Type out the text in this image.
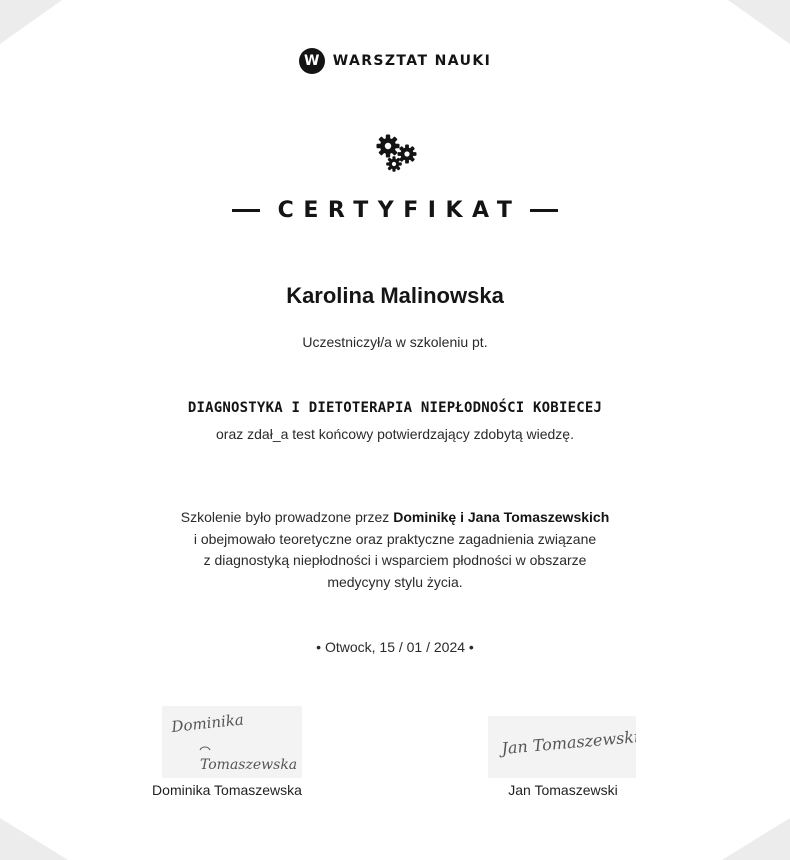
W WARSZTAT NAUKI
CERTYFIKAT
Karolina Malinowska
Uczestniczył/a w szkoleniu pt.
DIAGNOSTYKA I DIETOTERAPIA NIEPŁODNOŚCI KOBIECEJ
oraz zdał_a test końcowy potwierdzający zdobytą wiedzę.
Szkolenie było prowadzone przez Dominikę i Jana Tomaszewskich
i obejmowało teoretyczne oraz praktyczne zagadnienia związane
z diagnostyką niepłodności i wsparciem płodności w obszarze
medycyny stylu życia.
• Otwock, 15 / 01 / 2024 •
Dominika
Tomaszewska
Jan Tomaszewski
Dominika Tomaszewska	Jan Tomaszewski
